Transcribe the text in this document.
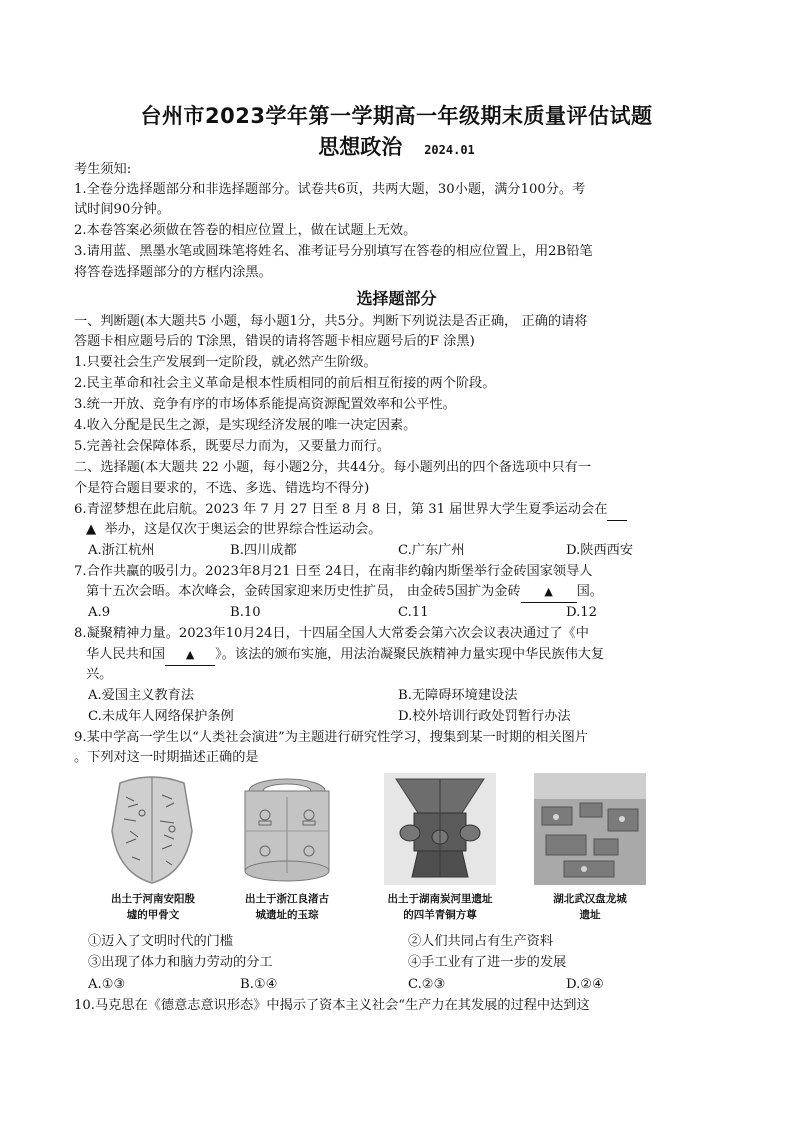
台州市2023学年第一学期高一年级期末质量评估试题
思想政治 2024.01
考生须知:
1.全卷分选择题部分和非选择题部分。试卷共6页，共两大题，30小题，满分100分。考
试时间90分钟。
2.本卷答案必须做在答卷的相应位置上，做在试题上无效。
3.请用蓝、黑墨水笔或圆珠笔将姓名、准考证号分别填写在答卷的相应位置上，用2B铅笔
将答卷选择题部分的方框内涂黑。
选择题部分
一、判断题(本大题共5 小题，每小题1分，共5分。判断下列说法是否正确， 正确的请将
答题卡相应题号后的 T涂黑，错误的请将答题卡相应题号后的F 涂黑)
1.只要社会生产发展到一定阶段，就必然产生阶级。
2.民主革命和社会主义革命是根本性质相同的前后相互衔接的两个阶段。
3.统一开放、竞争有序的市场体系能提高资源配置效率和公平性。
4.收入分配是民生之源，是实现经济发展的唯一决定因素。
5.完善社会保障体系，既要尽力而为，又要量力而行。
二、选择题(本大题共 22 小题，每小题2分，共44分。每小题列出的四个备选项中只有一
个是符合题目要求的，不选、多选、错选均不得分)
6.青涩梦想在此启航。2023 年 7 月 27 日至 8 月 8 日，第 31 届世界大学生夏季运动会在
▲ 举办，这是仅次于奥运会的世界综合性运动会。
A.浙江杭州	B.四川成都	C.广东广州	D.陕西西安
7.合作共赢的吸引力。2023年8月21 日至 24日，在南非约翰内斯堡举行金砖国家领导人
第十五次会晤。本次峰会，金砖国家迎来历史性扩员， 由金砖5国扩为金砖 ▲ 国。
A.9	B.10	C.11	D.12
8.凝聚精神力量。2023年10月24日，十四届全国人大常委会第六次会议表决通过了《中
华人民共和国 ▲ 》。该法的颁布实施，用法治凝聚民族精神力量实现中华民族伟大复
兴。
A.爱国主义教育法	B.无障碍环境建设法
C.未成年人网络保护条例	D.校外培训行政处罚暂行办法
9.某中学高一学生以“人类社会演进”为主题进行研究性学习，搜集到某一时期的相关图片
。下列对这一时期描述正确的是
出土于河南安阳殷
墟的甲骨文
出土于浙江良渚古
城遗址的玉琮
出土于湖南炭河里遗址
的四羊青铜方尊
湖北武汉盘龙城
遗址
①迈入了文明时代的门槛	②人们共同占有生产资料
③出现了体力和脑力劳动的分工	④手工业有了进一步的发展
A.①③	B.①④	C.②③	D.②④
10.马克思在《德意志意识形态》中揭示了资本主义社会“生产力在其发展的过程中达到这
